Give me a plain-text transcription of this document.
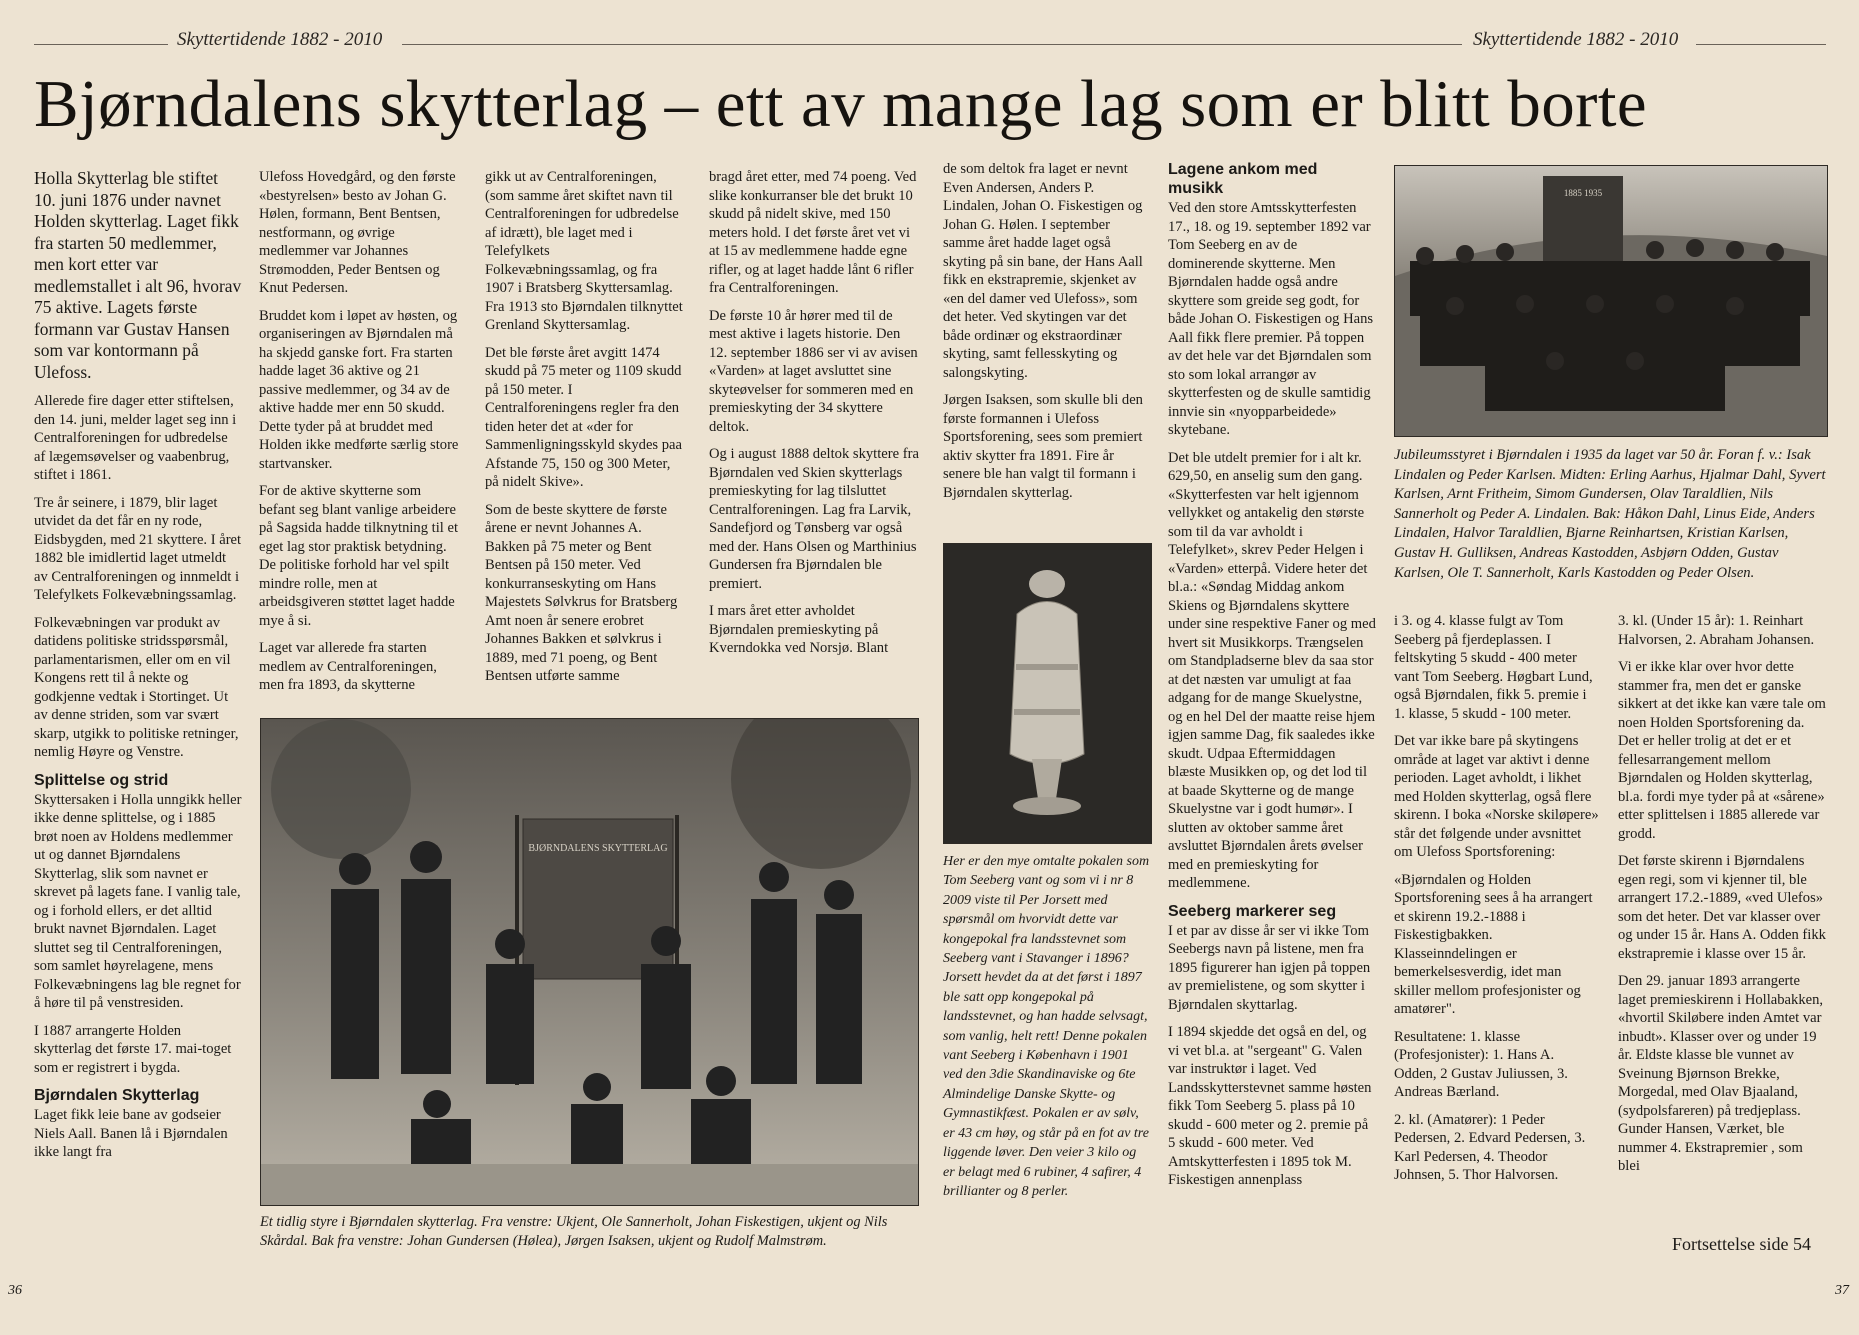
Skyttertidende 1882 - 2010	Skyttertidende 1882 - 2010
Bjørndalens skytterlag – ett av mange lag som er blitt borte

Holla Skytterlag ble stiftet 10. juni 1876 under navnet Holden skytterlag. Laget fikk fra starten 50 medlemmer, men kort etter var medlemstallet i alt 96, hvorav 75 aktive. Lagets første formann var Gustav Hansen som var kontormann på Ulefoss.

Allerede fire dager etter stiftelsen, den 14. juni, melder laget seg inn i Centralforeningen for udbredelse af lægemsøvelser og vaabenbrug, stiftet i 1861.

Tre år seinere, i 1879, blir laget utvidet da det får en ny rode, Eidsbygden, med 21 skyttere. I året 1882 ble imidlertid laget utmeldt av Centralforeningen og innmeldt i Telefylkets Folkevæbningssamlag.

Folkevæbningen var produkt av datidens politiske stridsspørsmål, parlamentarismen, eller om en vil Kongens rett til å nekte og godkjenne vedtak i Stortinget. Ut av denne striden, som var svært skarp, utgikk to politiske retninger, nemlig Høyre og Venstre.

Splittelse og strid

Skyttersaken i Holla unngikk heller ikke denne splittelse, og i 1885 brøt noen av Holdens medlemmer ut og dannet Bjørndalens Skytterlag, slik som navnet er skrevet på lagets fane. I vanlig tale, og i forhold ellers, er det alltid brukt navnet Bjørndalen. Laget sluttet seg til Centralforeningen, som samlet høyrelagene, mens Folkevæbningens lag ble regnet for å høre til på venstresiden.

I 1887 arrangerte Holden skytterlag det første 17. mai-toget som er registrert i bygda.

Bjørndalen Skytterlag

Laget fikk leie bane av godseier Niels Aall. Banen lå i Bjørndalen ikke langt fra

Ulefoss Hovedgård, og den første «bestyrelsen» besto av Johan G. Hølen, formann, Bent Bentsen, nestformann, og øvrige medlemmer var Johannes Strømodden, Peder Bentsen og Knut Pedersen.

Bruddet kom i løpet av høsten, og organiseringen av Bjørndalen må ha skjedd ganske fort. Fra starten hadde laget 36 aktive og 21 passive medlemmer, og 34 av de aktive hadde mer enn 50 skudd. Dette tyder på at bruddet med Holden ikke medførte særlig store startvansker.

For de aktive skytterne som befant seg blant vanlige arbeidere på Sagsida hadde tilknytning til et eget lag stor praktisk betydning. De politiske forhold har vel spilt mindre rolle, men at arbeidsgiveren støttet laget hadde mye å si.

Laget var allerede fra starten medlem av Centralforeningen, men fra 1893, da skytterne

gikk ut av Centralforeningen, (som samme året skiftet navn til Centralforeningen for udbredelse af idrætt), ble laget med i Telefylkets Folkevæbningssamlag, og fra 1907 i Bratsberg Skyttersamlag. Fra 1913 sto Bjørndalen tilknyttet Grenland Skyttersamlag.

Det ble første året avgitt 1474 skudd på 75 meter og 1109 skudd på 150 meter. I Centralforeningens regler fra den tiden heter det at «der for Sammenligningsskyld skydes paa Afstande 75, 150 og 300 Meter, på nidelt Skive».

Som de beste skyttere de første årene er nevnt Johannes A. Bakken på 75 meter og Bent Bentsen på 150 meter. Ved konkurranseskyting om Hans Majestets Sølvkrus for Bratsberg Amt noen år senere erobret Johannes Bakken et sølvkrus i 1889, med 71 poeng, og Bent Bentsen utførte samme

bragd året etter, med 74 poeng. Ved slike konkurranser ble det brukt 10 skudd på nidelt skive, med 150 meters hold. I det første året vet vi at 15 av medlemmene hadde egne rifler, og at laget hadde lånt 6 rifler fra Centralforeningen.

De første 10 år hører med til de mest aktive i lagets historie. Den 12. september 1886 ser vi av avisen «Varden» at laget avsluttet sine skyteøvelser for sommeren med en premieskyting der 34 skyttere deltok.

Og i august 1888 deltok skyttere fra Bjørndalen ved Skien skytterlags premieskyting for lag tilsluttet Centralforeningen. Lag fra Larvik, Sandefjord og Tønsberg var også med der. Hans Olsen og Marthinius Gundersen fra Bjørndalen ble premiert.

I mars året etter avholdet Bjørndalen premieskyting på Kverndokka ved Norsjø. Blant

BJØRNDALENS SKYTTERLAG
Et tidlig styre i Bjørndalen skytterlag. Fra venstre: Ukjent, Ole Sannerholt, Johan Fiskestigen, ukjent og Nils Skårdal. Bak fra venstre: Johan Gundersen (Hølea), Jørgen Isaksen, ukjent og Rudolf Malmstrøm.

de som deltok fra laget er nevnt Even Andersen, Anders P. Lindalen, Johan O. Fiskestigen og Johan G. Hølen. I september samme året hadde laget også skyting på sin bane, der Hans Aall fikk en ekstrapremie, skjenket av «en del damer ved Ulefoss», som det heter. Ved skytingen var det både ordinær og ekstraordinær skyting, samt fellesskyting og salongskyting.

Jørgen Isaksen, som skulle bli den første formannen i Ulefoss Sportsforening, sees som premiert aktiv skytter fra 1891. Fire år senere ble han valgt til formann i Bjørndalen skytterlag.

Her er den mye omtalte pokalen som Tom Seeberg vant og som vi i nr 8 2009 viste til Per Jorsett med spørsmål om hvorvidt dette var kongepokal fra landsstevnet som Seeberg vant i Stavanger i 1896? Jorsett hevdet da at det først i 1897 ble satt opp kongepokal på landsstevnet, og han hadde selvsagt, som vanlig, helt rett! Denne pokalen vant Seeberg i København i 1901 ved den 3die Skandinaviske og 6te Almindelige Danske Skytte- og Gymnastikfæst. Pokalen er av sølv, er 43 cm høy, og står på en fot av tre liggende løver. Den veier 3 kilo og er belagt med 6 rubiner, 4 safirer, 4 brillianter og 8 perler.
Lagene ankom med musikk

Ved den store Amtsskytterfesten 17., 18. og 19. september 1892 var Tom Seeberg en av de dominerende skytterne. Men Bjørndalen hadde også andre skyttere som greide seg godt, for både Johan O. Fiskestigen og Hans Aall fikk flere premier. På toppen av det hele var det Bjørndalen som sto som lokal arrangør av skytterfesten og de skulle samtidig innvie sin «nyopparbeidede» skytebane.

Det ble utdelt premier for i alt kr. 629,50, en anselig sum den gang. «Skytterfesten var helt igjennom vellykket og antakelig den største som til da var avholdt i Telefylket», skrev Peder Helgen i «Varden» etterpå. Videre heter det bl.a.: «Søndag Middag ankom Skiens og Bjørndalens skyttere under sine respektive Faner og med hvert sit Musikkorps. Trængselen om Standpladserne blev da saa stor at det næsten var umuligt at faa adgang for de mange Skuelystne, og en hel Del der maatte reise hjem igjen samme Dag, fik saaledes ikke skudt. Udpaa Eftermiddagen blæste Musikken op, og det lod til at baade Skytterne og de mange Skuelystne var i godt humør». I slutten av oktober samme året avsluttet Bjørndalen årets øvelser med en premieskyting for medlemmene.

Seeberg markerer seg

I et par av disse år ser vi ikke Tom Seebergs navn på listene, men fra 1895 figurerer han igjen på toppen av premielistene, og som skytter i Bjørndalen skyttarlag.

I 1894 skjedde det også en del, og vi vet bl.a. at "sergeant" G. Valen var instruktør i laget. Ved Landsskytterstevnet samme høsten fikk Tom Seeberg 5. plass på 10 skudd - 600 meter og 2. premie på 5 skudd - 600 meter. Ved Amtskytterfesten i 1895 tok M. Fiskestigen annenplass

1885 1935
Jubileumsstyret i Bjørndalen i 1935 da laget var 50 år. Foran f. v.: Isak Lindalen og Peder Karlsen. Midten: Erling Aarhus, Hjalmar Dahl, Syvert Karlsen, Arnt Fritheim, Simom Gundersen, Olav Taraldlien, Nils Sannerholt og Peder A. Lindalen. Bak: Håkon Dahl, Linus Eide, Anders Lindalen, Halvor Taraldlien, Bjarne Reinhartsen, Kristian Karlsen, Gustav H. Gulliksen, Andreas Kastodden, Asbjørn Odden, Gustav Karlsen, Ole T. Sannerholt, Karls Kastodden og Peder Olsen.

i 3. og 4. klasse fulgt av Tom Seeberg på fjerdeplassen. I feltskyting 5 skudd - 400 meter vant Tom Seeberg. Høgbart Lund, også Bjørndalen, fikk 5. premie i 1. klasse, 5 skudd - 100 meter.

Det var ikke bare på skytingens område at laget var aktivt i denne perioden. Laget avholdt, i likhet med Holden skytterlag, også flere skirenn. I boka «Norske skiløpere» står det følgende under avsnittet om Ulefoss Sportsforening:

«Bjørndalen og Holden Sportsforening sees å ha arrangert et skirenn 19.2.-1888 i Fiskestigbakken. Klasseinndelingen er bemerkelsesverdig, idet man skiller mellom profesjonister og amatører".

Resultatene: 1. klasse (Profesjonister): 1. Hans A. Odden, 2 Gustav Juliussen, 3. Andreas Bærland.

2. kl. (Amatører): 1 Peder Pedersen, 2. Edvard Pedersen, 3. Karl Pedersen, 4. Theodor Johnsen, 5. Thor Halvorsen.

3. kl. (Under 15 år): 1. Reinhart Halvorsen, 2. Abraham Johansen.

Vi er ikke klar over hvor dette stammer fra, men det er ganske sikkert at det ikke kan være tale om noen Holden Sportsforening da. Det er heller trolig at det er et fellesarrangement mellom Bjørndalen og Holden skytterlag, bl.a. fordi mye tyder på at «sårene» etter splittelsen i 1885 allerede var grodd.

Det første skirenn i Bjørndalens egen regi, som vi kjenner til, ble arrangert 17.2.-1889, «ved Ulefos» som det heter. Det var klasser over og under 15 år. Hans A. Odden fikk ekstrapremie i klasse over 15 år.

Den 29. januar 1893 arrangerte laget premieskirenn i Hollabakken, «hvortil Skiløbere inden Amtet var inbudt». Klasser over og under 19 år. Eldste klasse ble vunnet av Sveinung Bjørnson Brekke, Morgedal, med Olav Bjaaland, (sydpolsfareren) på tredjeplass. Gunder Hansen, Værket, ble nummer 4. Ekstrapremier , som blei

Fortsettelse side 54
36	37
